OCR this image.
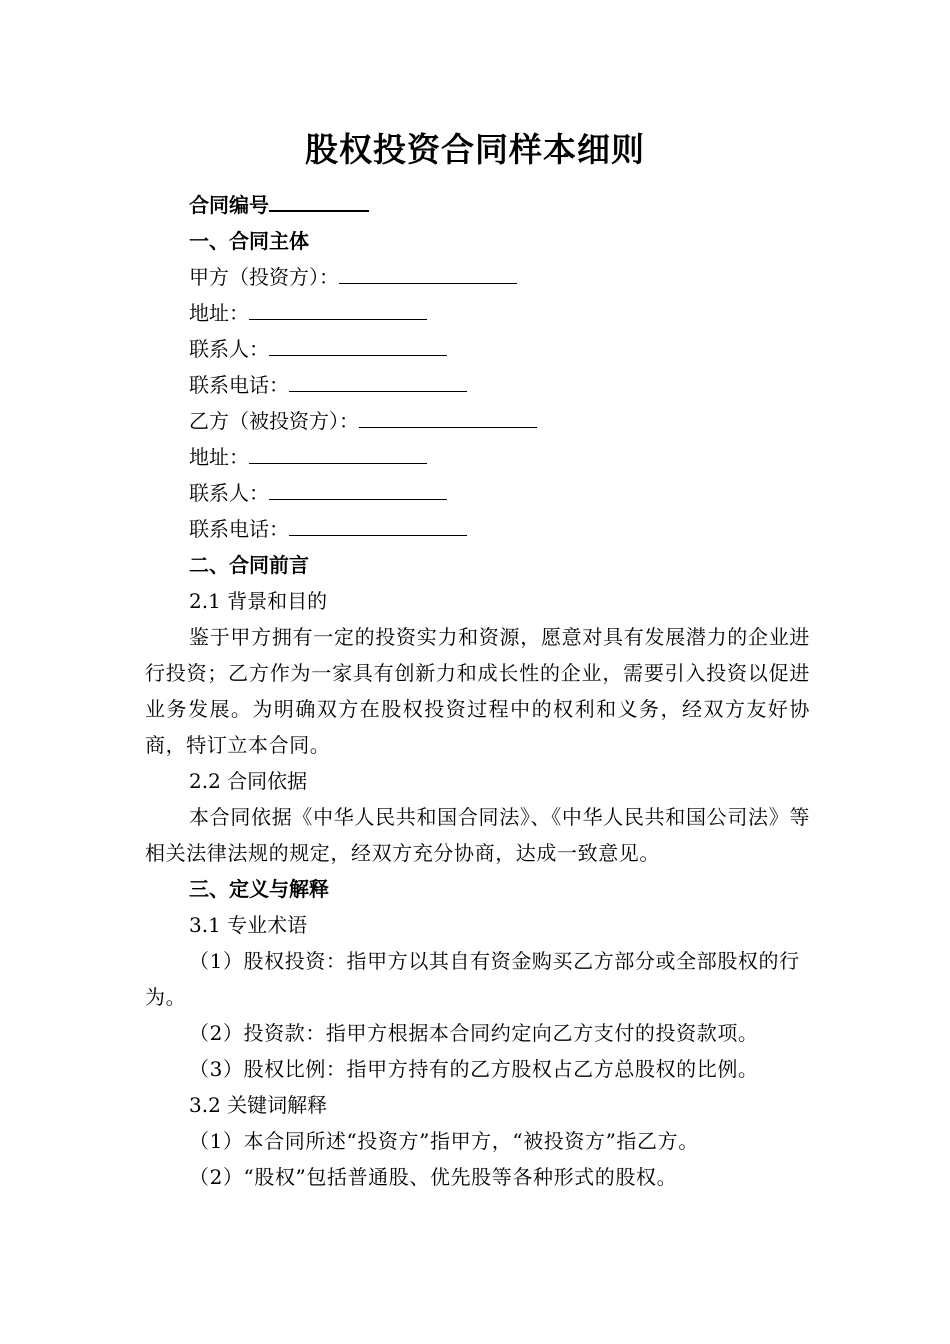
股权投资合同样本细则
合同编号
一、合同主体
甲方（投资方）：
地址：
联系人：
联系电话：
乙方（被投资方）：
地址：
联系人：
联系电话：
二、合同前言
2.1 背景和目的
鉴于甲方拥有一定的投资实力和资源，愿意对具有发展潜力的企业进行投资；乙方作为一家具有创新力和成长性的企业，需要引入投资以促进业务发展。为明确双方在股权投资过程中的权利和义务，经双方友好协商，特订立本合同。
2.2 合同依据
本合同依据《中华人民共和国合同法》、《中华人民共和国公司法》等相关法律法规的规定，经双方充分协商，达成一致意见。
三、定义与解释
3.1 专业术语
（1）股权投资：指甲方以其自有资金购买乙方部分或全部股权的行为。
（2）投资款：指甲方根据本合同约定向乙方支付的投资款项。
（3）股权比例：指甲方持有的乙方股权占乙方总股权的比例。
3.2 关键词解释
（1）本合同所述“投资方”指甲方，“被投资方”指乙方。
（2）“股权”包括普通股、优先股等各种形式的股权。
